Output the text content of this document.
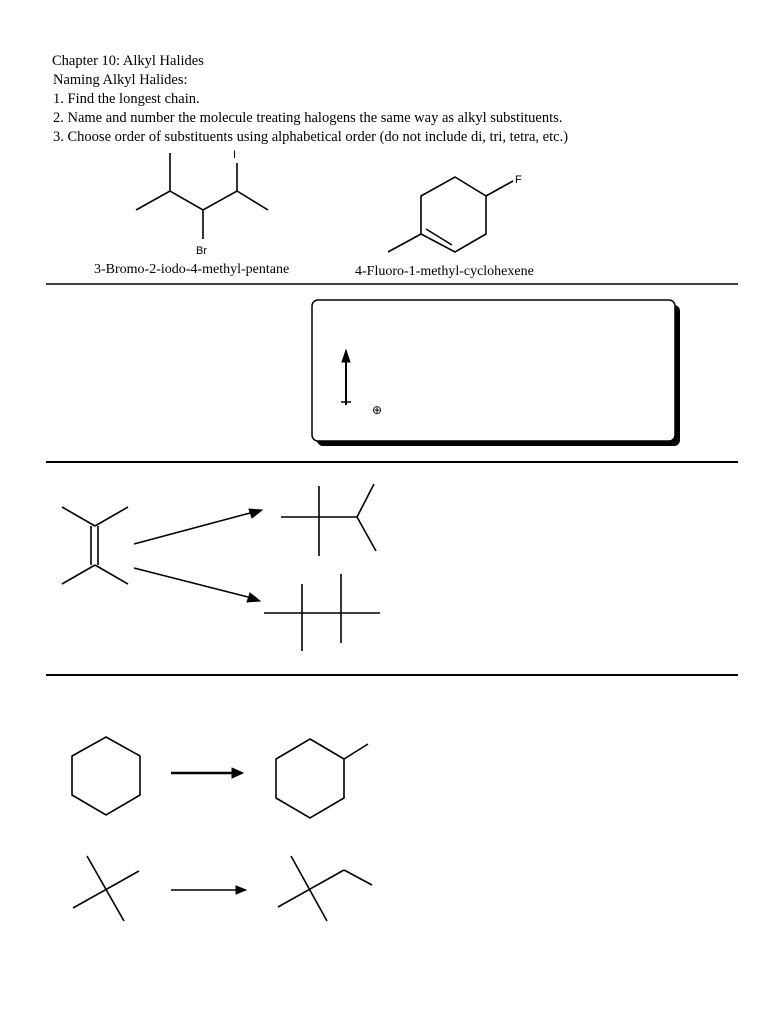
Chapter 10: Alkyl Halides
Naming Alkyl Halides:
1. Find the longest chain.
2. Name and number the molecule treating halogens the same way as alkyl substituents.
3. Choose order of substituents using alphabetical order (do not include di, tri, tetra, etc.)
I
Br
F
⊕
3-Bromo-2-iodo-4-methyl-pentane	4-Fluoro-1-methyl-cyclohexene
